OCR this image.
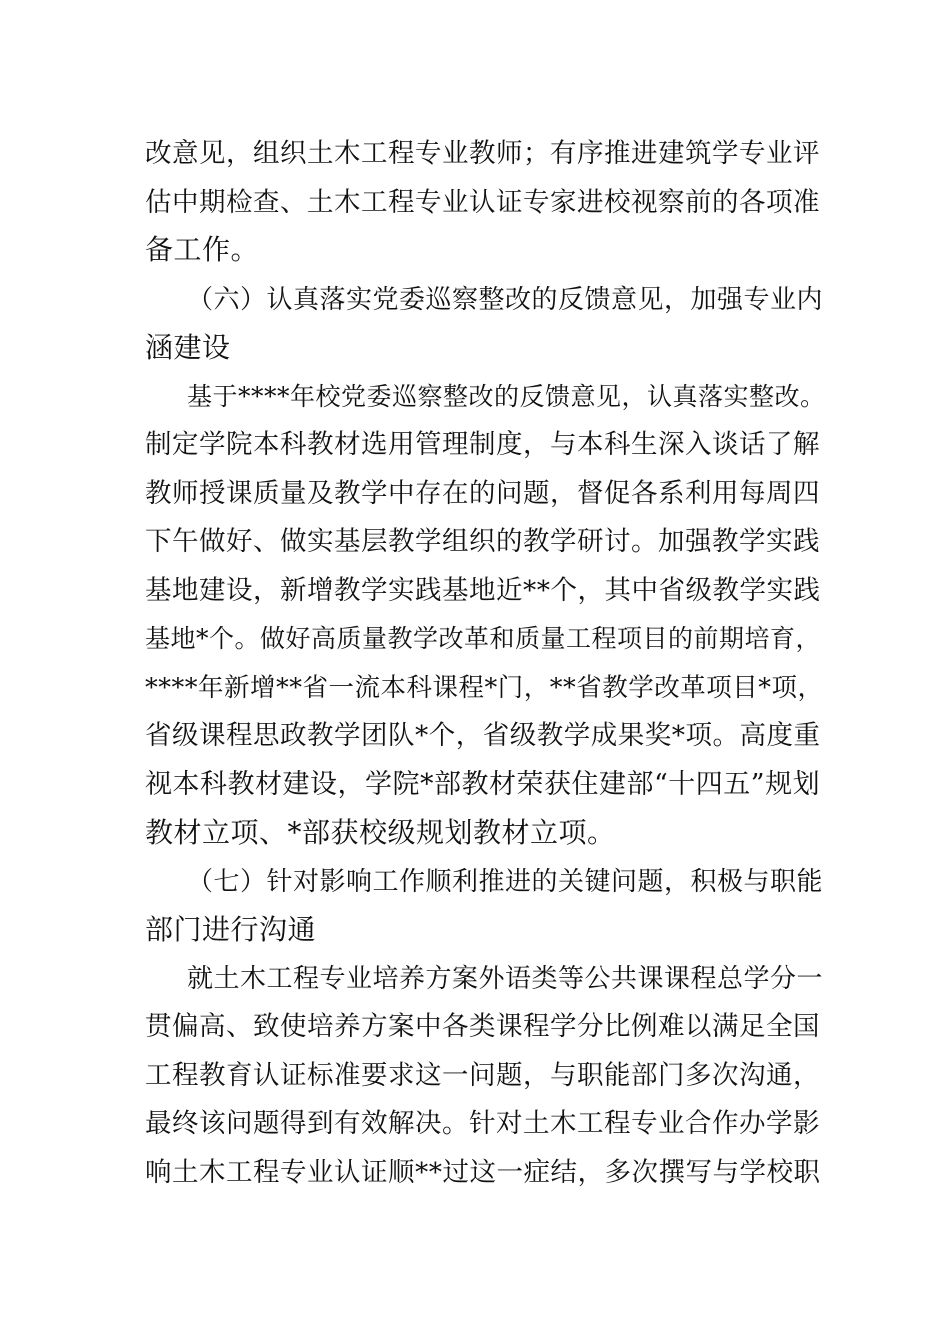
改意见，组织土木工程专业教师；有序推进建筑学专业评
估中期检查、土木工程专业认证专家进校视察前的各项准
备工作。
（六）认真落实党委巡察整改的反馈意见，加强专业内
涵建设
基于****年校党委巡察整改的反馈意见，认真落实整改。
制定学院本科教材选用管理制度，与本科生深入谈话了解
教师授课质量及教学中存在的问题，督促各系利用每周四
下午做好、做实基层教学组织的教学研讨。加强教学实践
基地建设，新增教学实践基地近**个，其中省级教学实践
基地*个。做好高质量教学改革和质量工程项目的前期培育，
****年新增**省一流本科课程*门，**省教学改革项目*项，
省级课程思政教学团队*个，省级教学成果奖*项。高度重
视本科教材建设，学院*部教材荣获住建部“十四五”规划
教材立项、*部获校级规划教材立项。
（七）针对影响工作顺利推进的关键问题，积极与职能
部门进行沟通
就土木工程专业培养方案外语类等公共课课程总学分一
贯偏高、致使培养方案中各类课程学分比例难以满足全国
工程教育认证标准要求这一问题，与职能部门多次沟通，
最终该问题得到有效解决。针对土木工程专业合作办学影
响土木工程专业认证顺**过这一症结，多次撰写与学校职
